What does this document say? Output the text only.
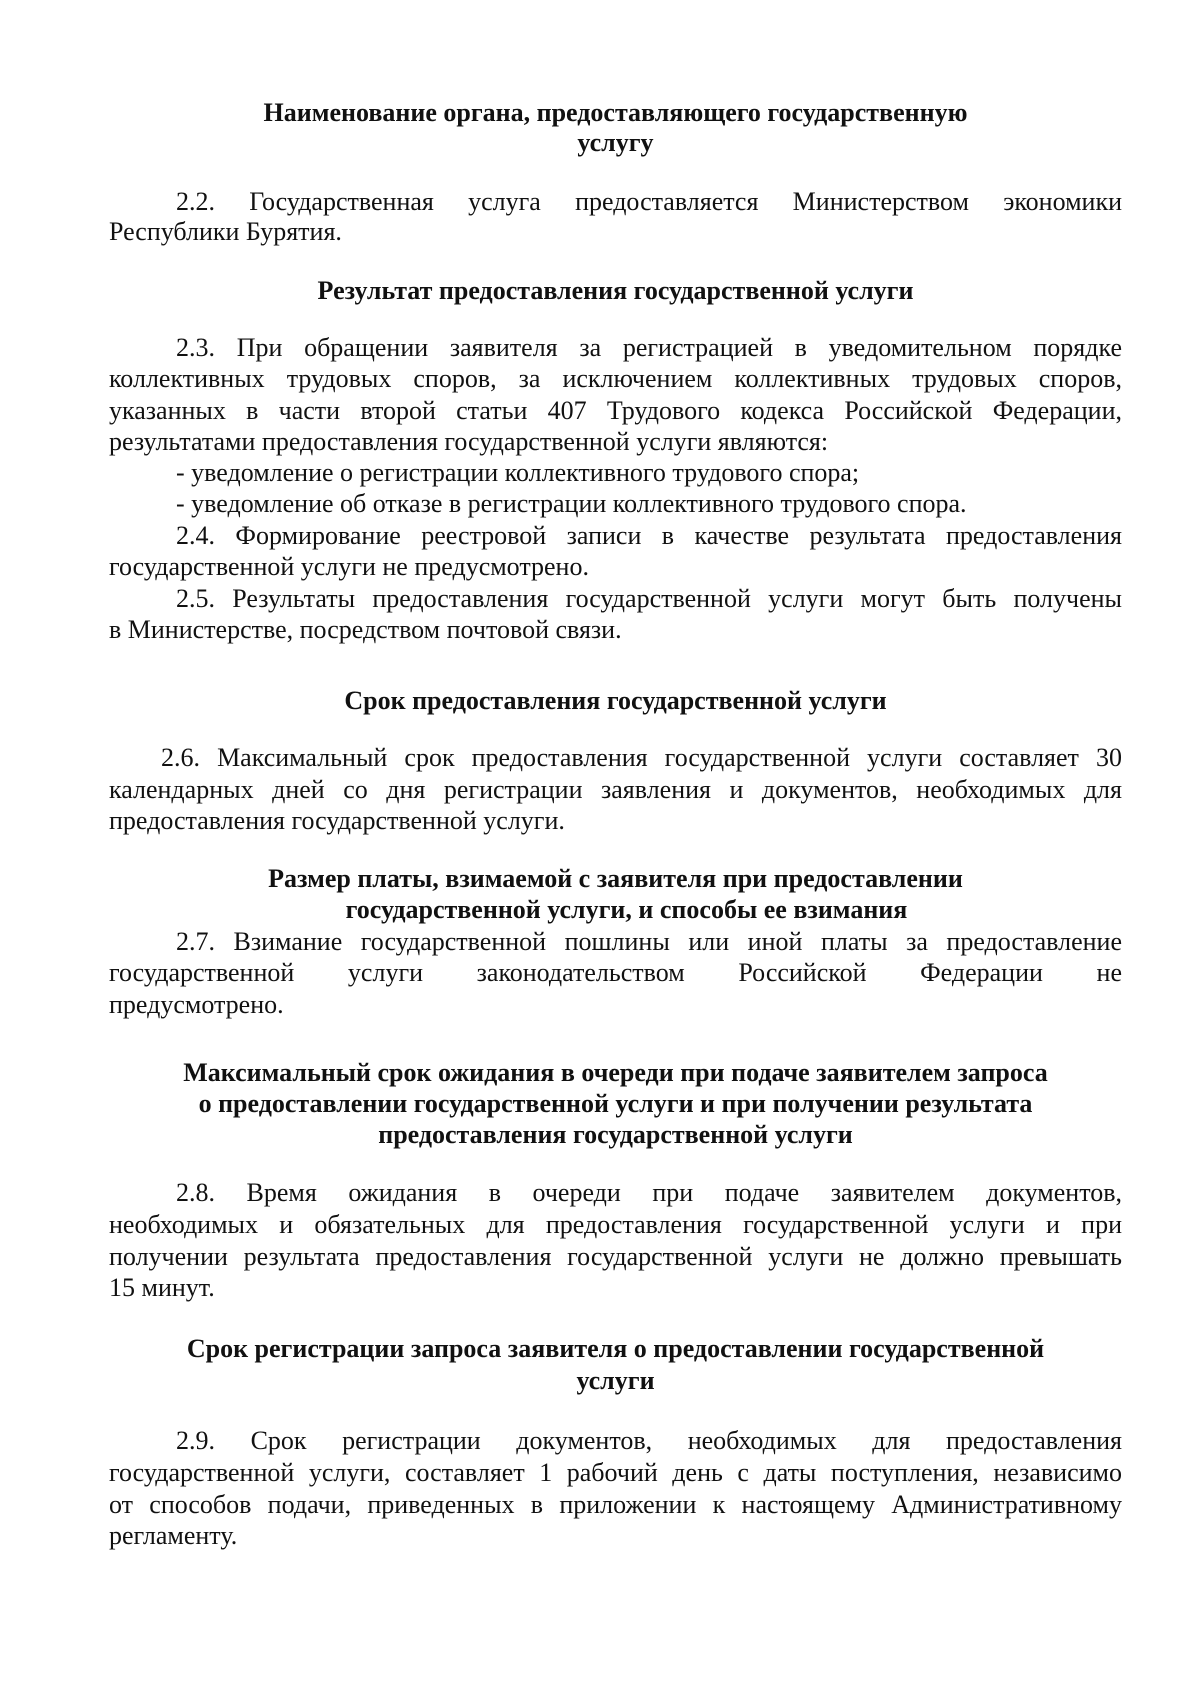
Наименование органа, предоставляющего государственную
услугу
2.2. Государственная услуга предоставляется Министерством экономики
Республики Бурятия.
Результат предоставления государственной услуги
2.3. При обращении заявителя за регистрацией в уведомительном порядке
коллективных трудовых споров, за исключением коллективных трудовых споров,
указанных в части второй статьи 407 Трудового кодекса Российской Федерации,
результатами предоставления государственной услуги являются:
- уведомление о регистрации коллективного трудового спора;
- уведомление об отказе в регистрации коллективного трудового спора.
2.4. Формирование реестровой записи в качестве результата предоставления
государственной услуги не предусмотрено.
2.5. Результаты предоставления государственной услуги могут быть получены
в Министерстве, посредством почтовой связи.
Срок предоставления государственной услуги
2.6. Максимальный срок предоставления государственной услуги составляет 30
календарных дней со дня регистрации заявления и документов, необходимых для
предоставления государственной услуги.
Размер платы, взимаемой с заявителя при предоставлении
государственной услуги, и способы ее взимания
2.7. Взимание государственной пошлины или иной платы за предоставление
государственной услуги законодательством Российской Федерации не
предусмотрено.
Максимальный срок ожидания в очереди при подаче заявителем запроса
о предоставлении государственной услуги и при получении результата
предоставления государственной услуги
2.8. Время ожидания в очереди при подаче заявителем документов,
необходимых и обязательных для предоставления государственной услуги и при
получении результата предоставления государственной услуги не должно превышать
15 минут.
Срок регистрации запроса заявителя о предоставлении государственной
услуги
2.9. Срок регистрации документов, необходимых для предоставления
государственной услуги, составляет 1 рабочий день с даты поступления, независимо
от способов подачи, приведенных в приложении к настоящему Административному
регламенту.
